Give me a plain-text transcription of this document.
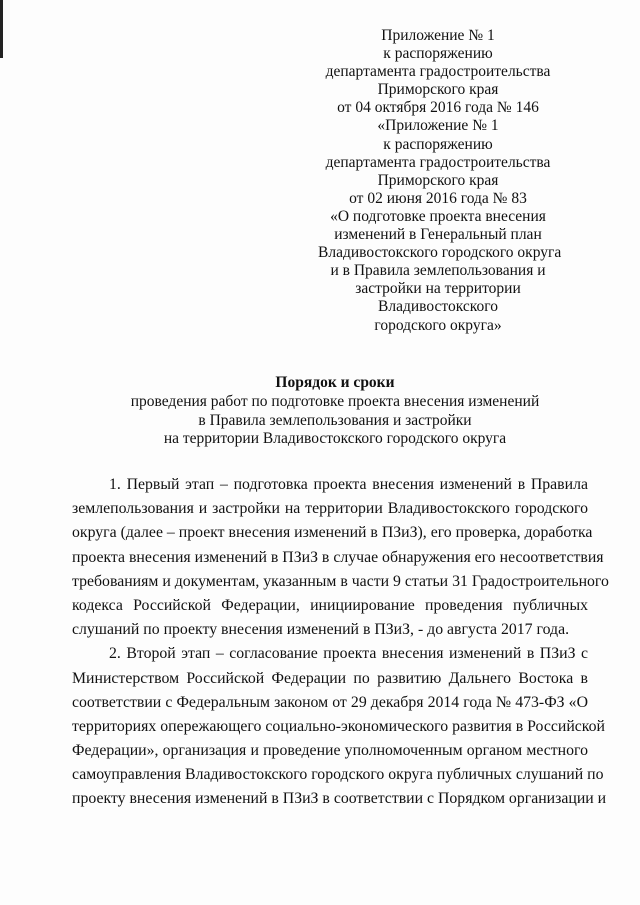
Приложение № 1
к распоряжению
департамента градостроительства
Приморского края
от 04 октября 2016 года № 146
«Приложение № 1
к распоряжению
департамента градостроительства
Приморского края
от 02 июня 2016 года № 83
«О подготовке проекта внесения
изменений в Генеральный план
Владивостокского городского округа
и в Правила землепользования и
застройки на территории
Владивостокского
городского округа»
Порядок и сроки
проведения работ по подготовке проекта внесения изменений
в Правила землепользования и застройки
на территории Владивостокского городского округа
1. Первый этап – подготовка проекта внесения изменений в Правила
землепользования и застройки на территории Владивостокского городского
округа (далее – проект внесения изменений в ПЗиЗ), его проверка, доработка
проекта внесения изменений в ПЗиЗ в случае обнаружения его несоответствия
требованиям и документам, указанным в части 9 статьи 31 Градостроительного
кодекса Российской Федерации, инициирование проведения публичных
слушаний по проекту внесения изменений в ПЗиЗ, - до августа 2017 года.
2. Второй этап – согласование проекта внесения изменений в ПЗиЗ с
Министерством Российской Федерации по развитию Дальнего Востока в
соответствии с Федеральным законом от 29 декабря 2014 года № 473-ФЗ «О
территориях опережающего социально-экономического развития в Российской
Федерации», организация и проведение уполномоченным органом местного
самоуправления Владивостокского городского округа публичных слушаний по
проекту внесения изменений в ПЗиЗ в соответствии с Порядком организации и
